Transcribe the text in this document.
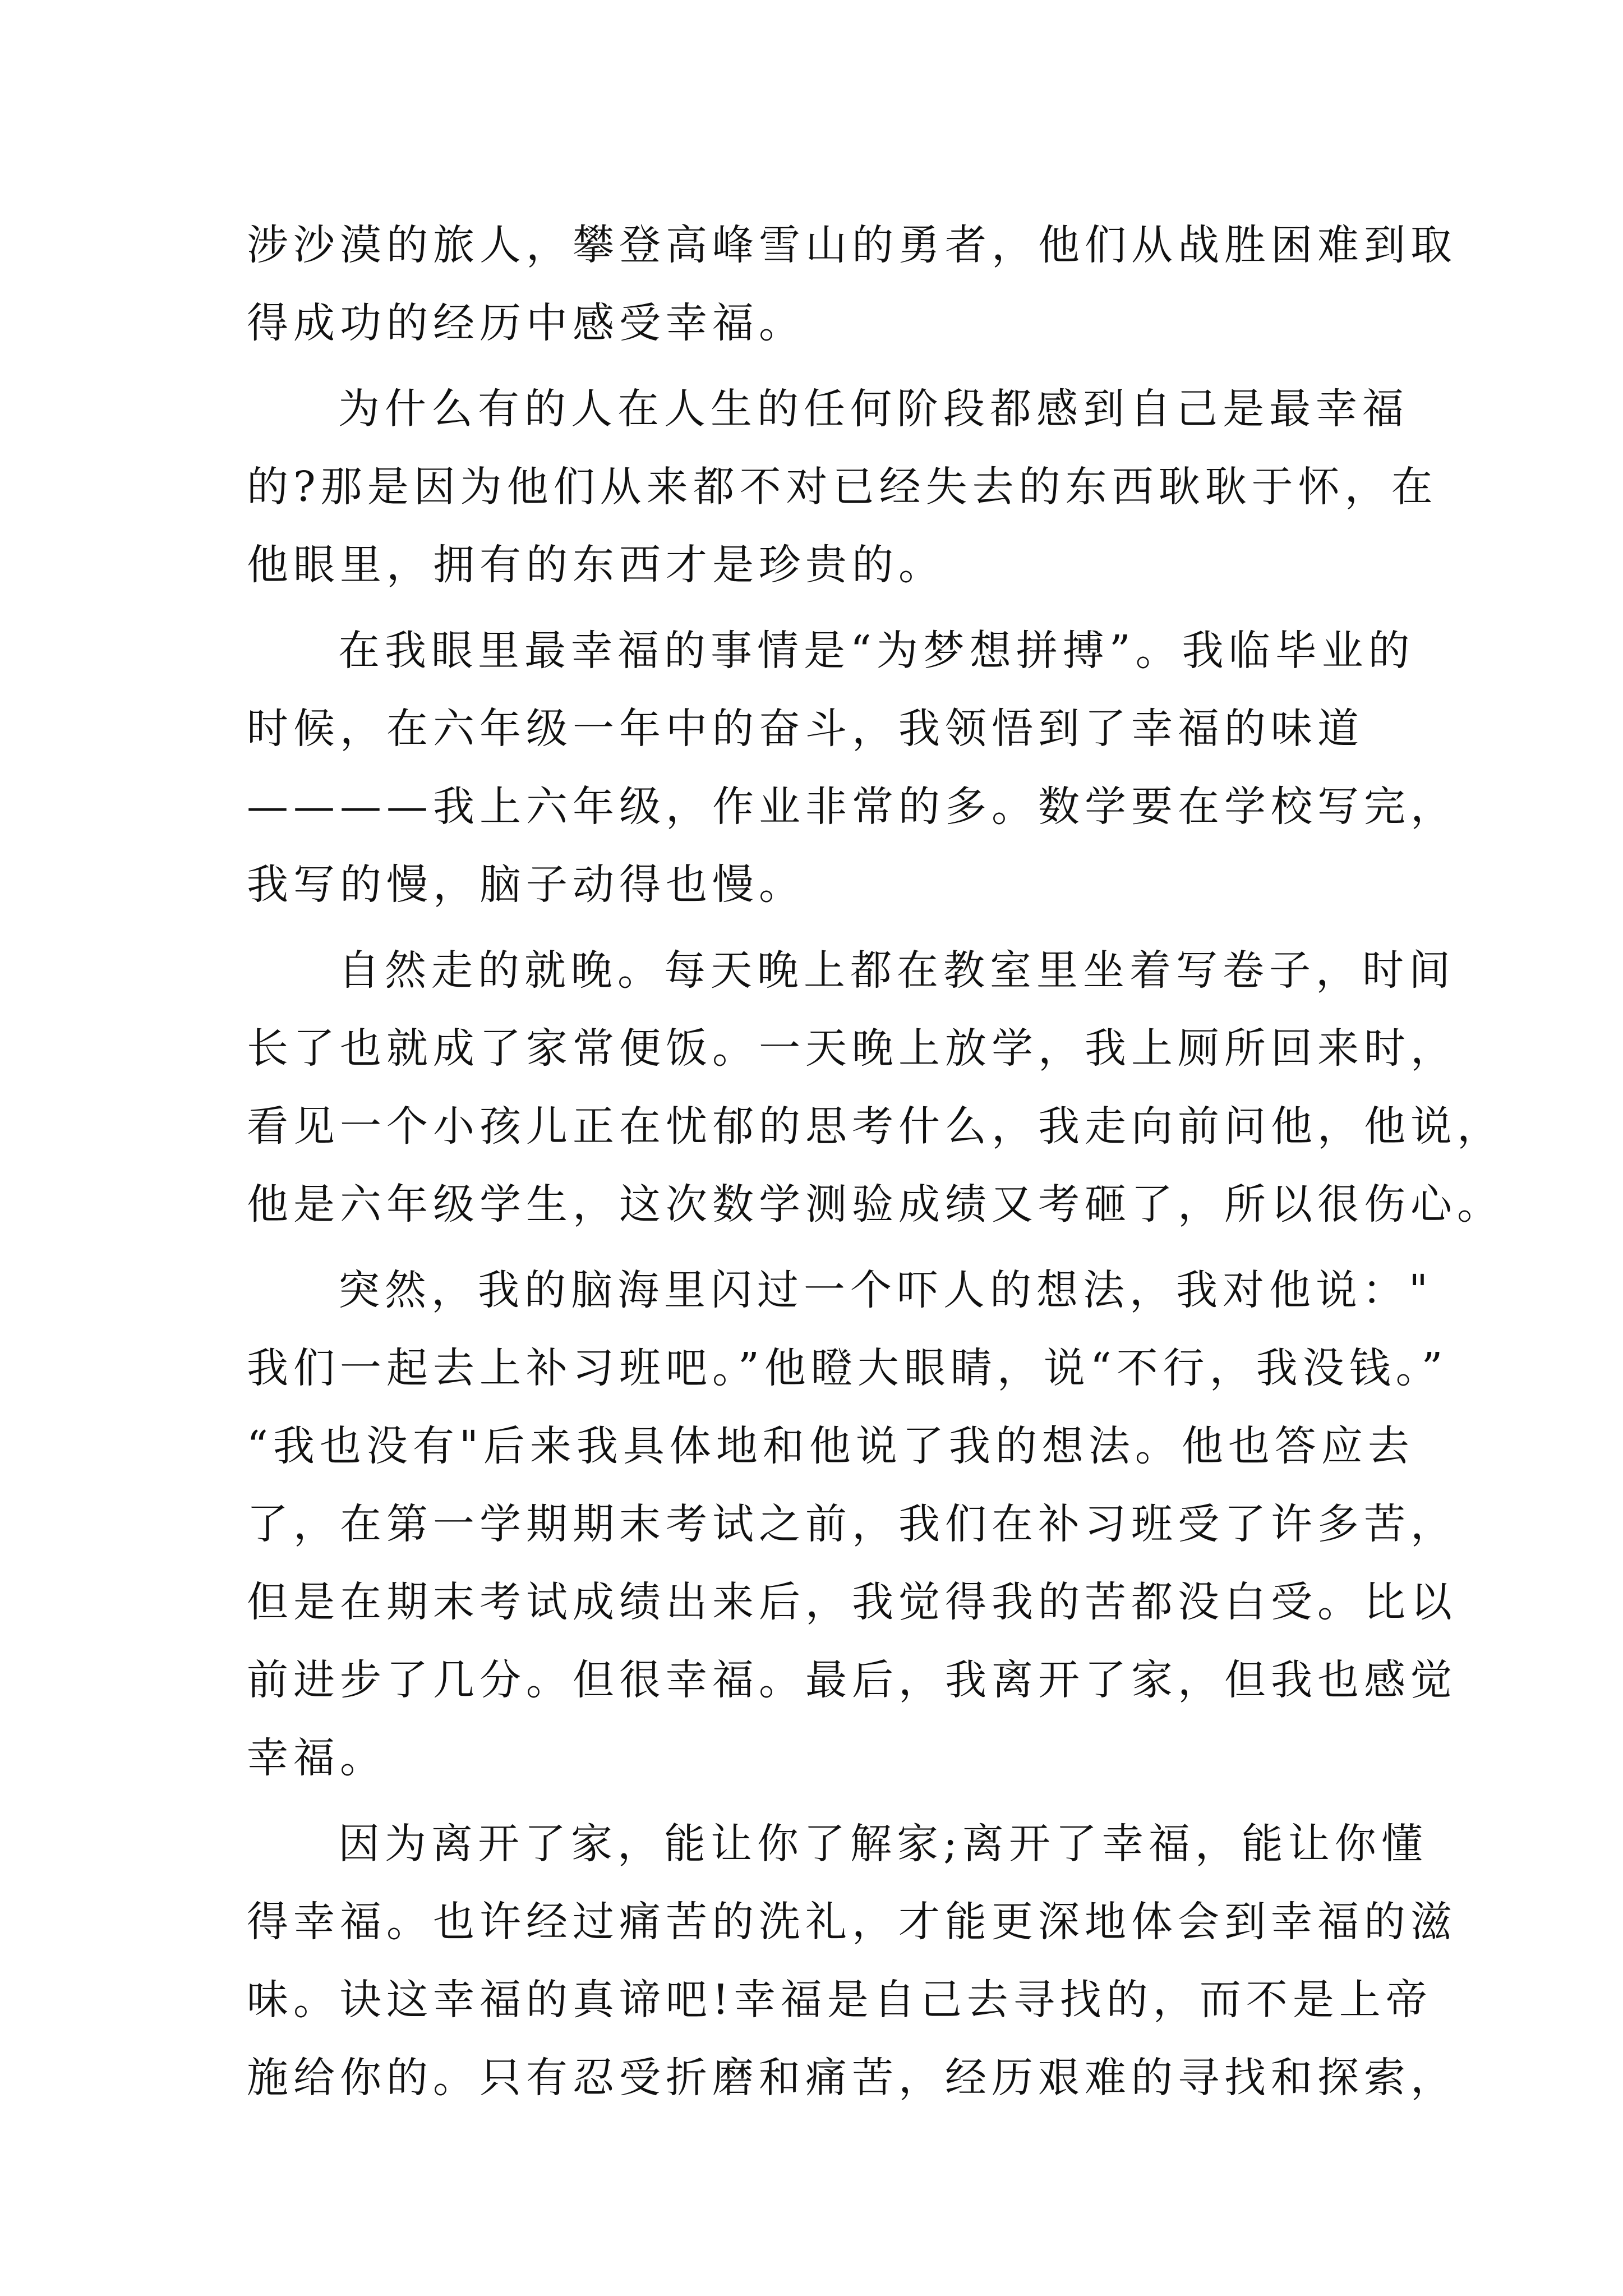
涉沙漠的旅人，攀登高峰雪山的勇者，他们从战胜困难到取
得成功的经历中感受幸福。
为什么有的人在人生的任何阶段都感到自己是最幸福
的?那是因为他们从来都不对已经失去的东西耿耿于怀，在
他眼里，拥有的东西才是珍贵的。
在我眼里最幸福的事情是“为梦想拼搏”。我临毕业的
时候，在六年级一年中的奋斗，我领悟到了幸福的味道
————我上六年级，作业非常的多。数学要在学校写完，
我写的慢，脑子动得也慢。
自然走的就晚。每天晚上都在教室里坐着写卷子，时间
长了也就成了家常便饭。一天晚上放学，我上厕所回来时，
看见一个小孩儿正在忧郁的思考什么，我走向前问他，他说，
他是六年级学生，这次数学测验成绩又考砸了，所以很伤心。
突然，我的脑海里闪过一个吓人的想法，我对他说："
我们一起去上补习班吧。”他瞪大眼睛，说“不行，我没钱。”
“我也没有"后来我具体地和他说了我的想法。他也答应去
了，在第一学期期末考试之前，我们在补习班受了许多苦，
但是在期末考试成绩出来后，我觉得我的苦都没白受。比以
前进步了几分。但很幸福。最后，我离开了家，但我也感觉
幸福。
因为离开了家，能让你了解家;离开了幸福，能让你懂
得幸福。也许经过痛苦的洗礼，才能更深地体会到幸福的滋
味。诀这幸福的真谛吧!幸福是自己去寻找的，而不是上帝
施给你的。只有忍受折磨和痛苦，经历艰难的寻找和探索，
